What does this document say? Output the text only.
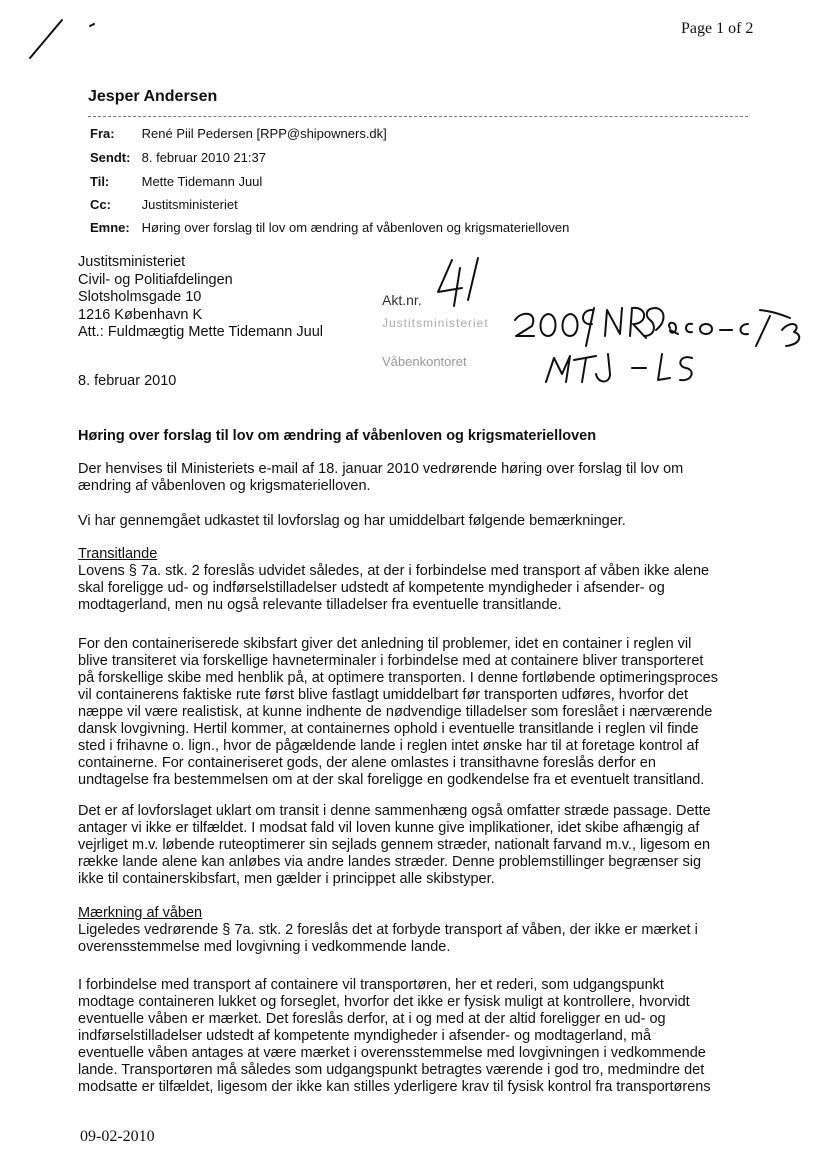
Page 1 of 2
Jesper Andersen
Fra: René Piil Pedersen [RPP@shipowners.dk]
Sendt: 8. februar 2010 21:37
Til: Mette Tidemann Juul
Cc: Justitsministeriet
Emne: Høring over forslag til lov om ændring af våbenloven og krigsmaterielloven
Justitsministeriet
Civil- og Politiafdelingen
Slotsholmsgade 10
1216 København K
Att.: Fuldmægtig Mette Tidemann Juul
Akt.nr.
Justitsministeriet
Våbenkontoret
8. februar 2010
Høring over forslag til lov om ændring af våbenloven og krigsmaterielloven
Der henvises til Ministeriets e-mail af 18. januar 2010 vedrørende høring over forslag til lov om
ændring af våbenloven og krigsmaterielloven.
Vi har gennemgået udkastet til lovforslag og har umiddelbart følgende bemærkninger.
Transitlande
Lovens § 7a. stk. 2 foreslås udvidet således, at der i forbindelse med transport af våben ikke alene
skal foreligge ud- og indførselstilladelser udstedt af kompetente myndigheder i afsender- og
modtagerland, men nu også relevante tilladelser fra eventuelle transitlande.
For den containeriserede skibsfart giver det anledning til problemer, idet en container i reglen vil
blive transiteret via forskellige havneterminaler i forbindelse med at containere bliver transporteret
på forskellige skibe med henblik på, at optimere transporten. I denne fortløbende optimeringsproces
vil containerens faktiske rute først blive fastlagt umiddelbart før transporten udføres, hvorfor det
næppe vil være realistisk, at kunne indhente de nødvendige tilladelser som foreslået i nærværende
dansk lovgivning. Hertil kommer, at containernes ophold i eventuelle transitlande i reglen vil finde
sted i frihavne o. lign., hvor de pågældende lande i reglen intet ønske har til at foretage kontrol af
containerne. For containeriseret gods, der alene omlastes i transithavne foreslås derfor en
undtagelse fra bestemmelsen om at der skal foreligge en godkendelse fra et eventuelt transitland.
Det er af lovforslaget uklart om transit i denne sammenhæng også omfatter stræde passage. Dette
antager vi ikke er tilfældet. I modsat fald vil loven kunne give implikationer, idet skibe afhængig af
vejrliget m.v. løbende ruteoptimerer sin sejlads gennem stræder, nationalt farvand m.v., ligesom en
række lande alene kan anløbes via andre landes stræder. Denne problemstillinger begrænser sig
ikke til containerskibsfart, men gælder i princippet alle skibstyper.
Mærkning af våben
Ligeledes vedrørende § 7a. stk. 2 foreslås det at forbyde transport af våben, der ikke er mærket i
overensstemmelse med lovgivning i vedkommende lande.
I forbindelse med transport af containere vil transportøren, her et rederi, som udgangspunkt
modtage containeren lukket og forseglet, hvorfor det ikke er fysisk muligt at kontrollere, hvorvidt
eventuelle våben er mærket. Det foreslås derfor, at i og med at der altid foreligger en ud- og
indførselstilladelser udstedt af kompetente myndigheder i afsender- og modtagerland, må
eventuelle våben antages at være mærket i overensstemmelse med lovgivningen i vedkommende
lande. Transportøren må således som udgangspunkt betragtes værende i god tro, medmindre det
modsatte er tilfældet, ligesom der ikke kan stilles yderligere krav til fysisk kontrol fra transportørens
09-02-2010
